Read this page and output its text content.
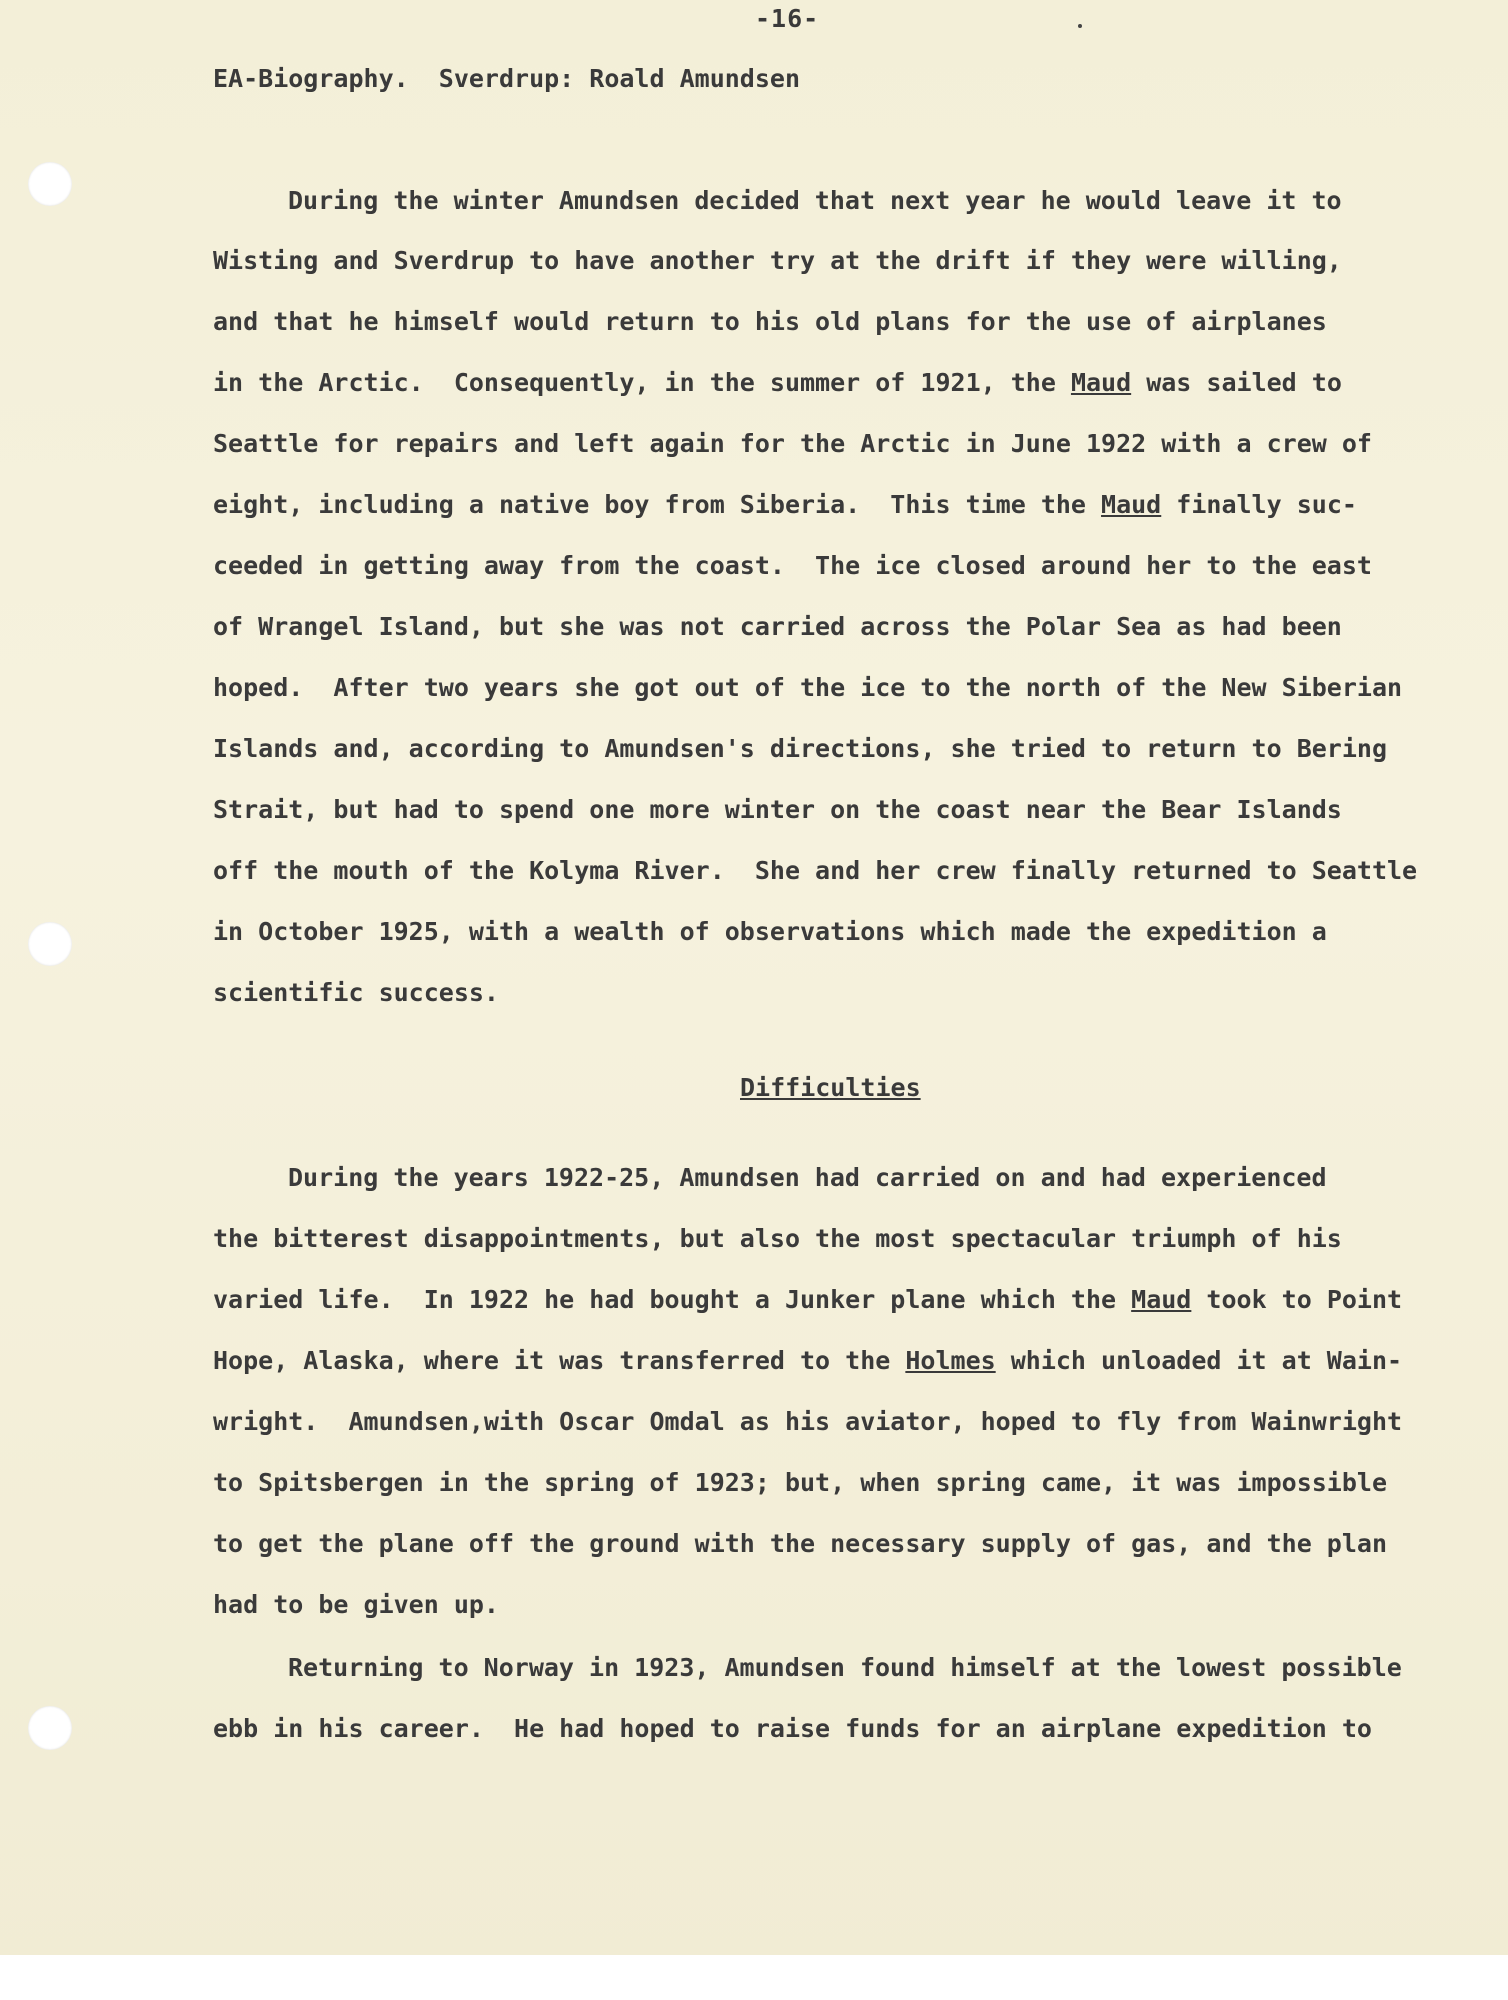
-16-
EA-Biography.  Sverdrup: Roald Amundsen
During the winter Amundsen decided that next year he would leave it to
Wisting and Sverdrup to have another try at the drift if they were willing,
and that he himself would return to his old plans for the use of airplanes
in the Arctic.  Consequently, in the summer of 1921, the Maud was sailed to
Seattle for repairs and left again for the Arctic in June 1922 with a crew of
eight, including a native boy from Siberia.  This time the Maud finally suc-
ceeded in getting away from the coast.  The ice closed around her to the east
of Wrangel Island, but she was not carried across the Polar Sea as had been
hoped.  After two years she got out of the ice to the north of the New Siberian
Islands and, according to Amundsen's directions, she tried to return to Bering
Strait, but had to spend one more winter on the coast near the Bear Islands
off the mouth of the Kolyma River.  She and her crew finally returned to Seattle
in October 1925, with a wealth of observations which made the expedition a
scientific success.
Difficulties
During the years 1922-25, Amundsen had carried on and had experienced
the bitterest disappointments, but also the most spectacular triumph of his
varied life.  In 1922 he had bought a Junker plane which the Maud took to Point
Hope, Alaska, where it was transferred to the Holmes which unloaded it at Wain-
wright.  Amundsen,with Oscar Omdal as his aviator, hoped to fly from Wainwright
to Spitsbergen in the spring of 1923; but, when spring came, it was impossible
to get the plane off the ground with the necessary supply of gas, and the plan
had to be given up.
Returning to Norway in 1923, Amundsen found himself at the lowest possible
ebb in his career.  He had hoped to raise funds for an airplane expedition to
